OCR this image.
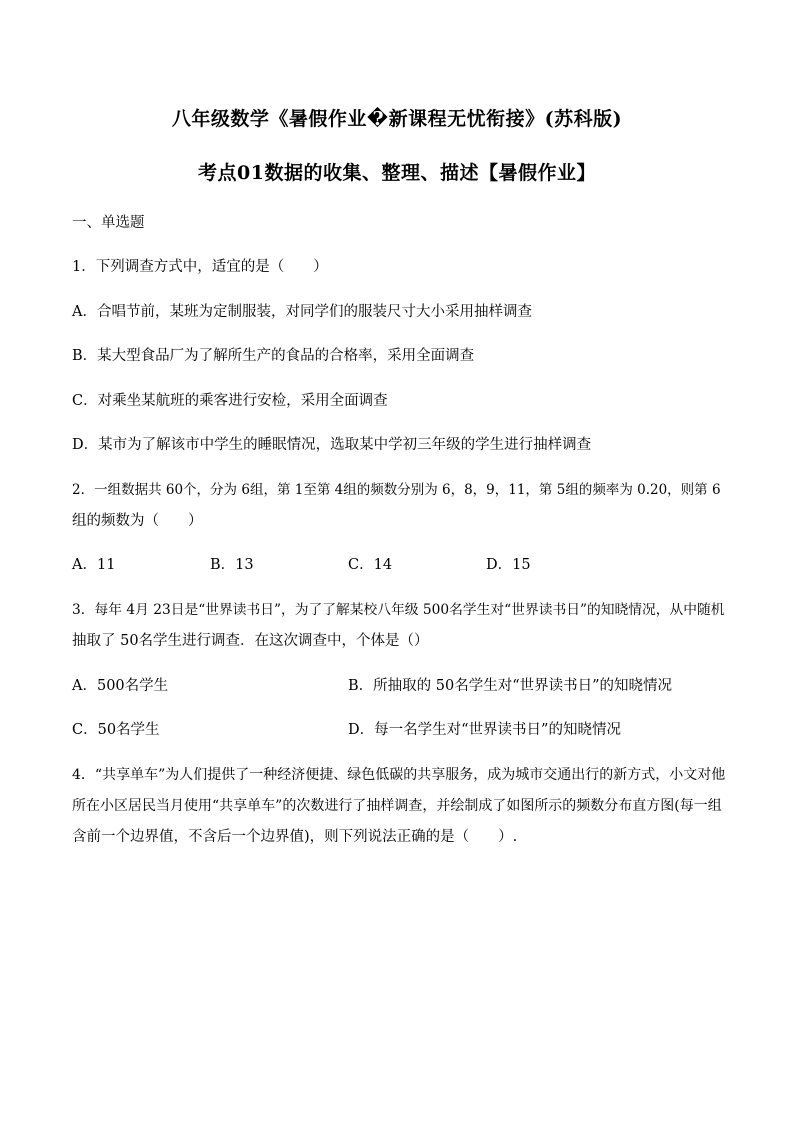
八年级数学《暑假作业�新课程无忧衔接》(苏科版)
考点01数据的收集、整理、描述【暑假作业】
一、单选题
1．下列调查方式中，适宜的是（　　）
A．合唱节前，某班为定制服装，对同学们的服装尺寸大小采用抽样调查
B．某大型食品厂为了解所生产的食品的合格率，采用全面调查
C．对乘坐某航班的乘客进行安检，采用全面调查
D．某市为了解该市中学生的睡眠情况，选取某中学初三年级的学生进行抽样调查
2．一组数据共 60个，分为 6组，第 1至第 4组的频数分别为 6，8，9，11，第 5组的频率为 0.20，则第 6
组的频数为（　　）
A．11	B．13	C．14	D．15
3．每年 4月 23日是“世界读书日”，为了了解某校八年级 500名学生对“世界读书日”的知晓情况，从中随机
抽取了 50名学生进行调查．在这次调查中，个体是（）
A．500名学生	B．所抽取的 50名学生对“世界读书日”的知晓情况
C．50名学生	D．每一名学生对“世界读书日”的知晓情况
4．“共享单车”为人们提供了一种经济便捷、绿色低碳的共享服务，成为城市交通出行的新方式，小文对他
所在小区居民当月使用“共享单车”的次数进行了抽样调查，并绘制成了如图所示的频数分布直方图(每一组
含前一个边界值，不含后一个边界值)，则下列说法正确的是（　　）.
